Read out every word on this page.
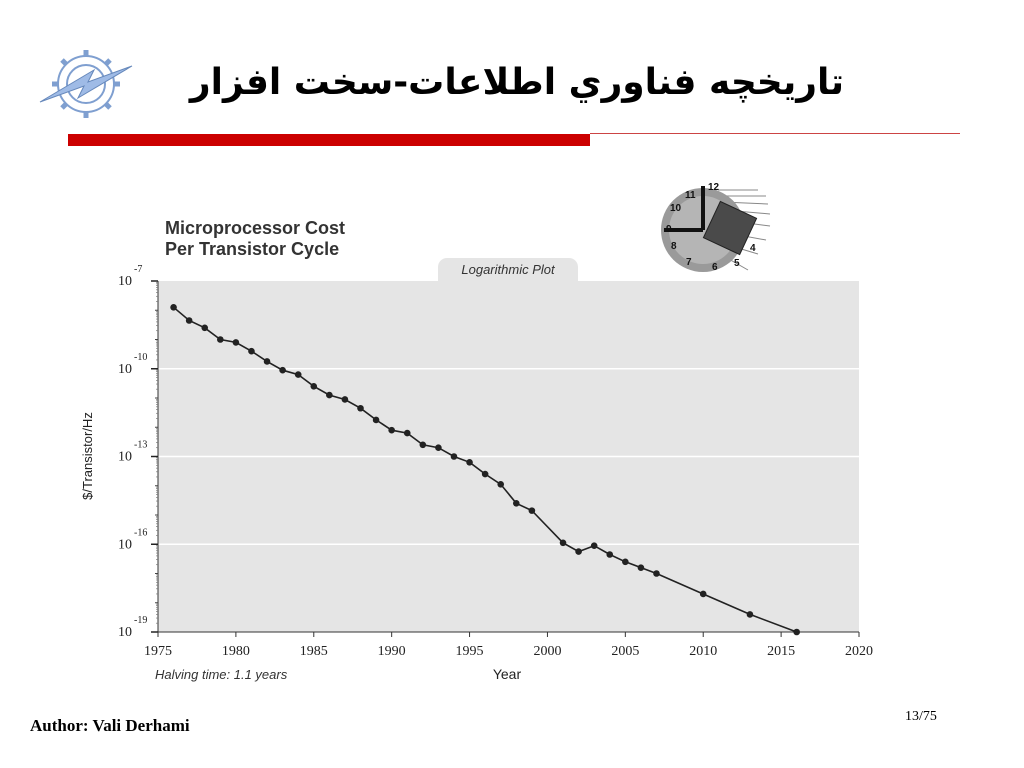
تاريخچه فناوري اطلاعات-سخت افزار
Microprocessor Cost
Per Transistor Cycle
Logarithmic Plot
12
11
10
9
8
7 6 5
4
10
-7
10
-10
10
-13
10
-16
10
-19
1975	1980	1985	1990	1995	2000	2005	2010	2015	2020
Year
$/Transistor/Hz
Halving time: 1.1 years
Author: Vali Derhami	13/75
